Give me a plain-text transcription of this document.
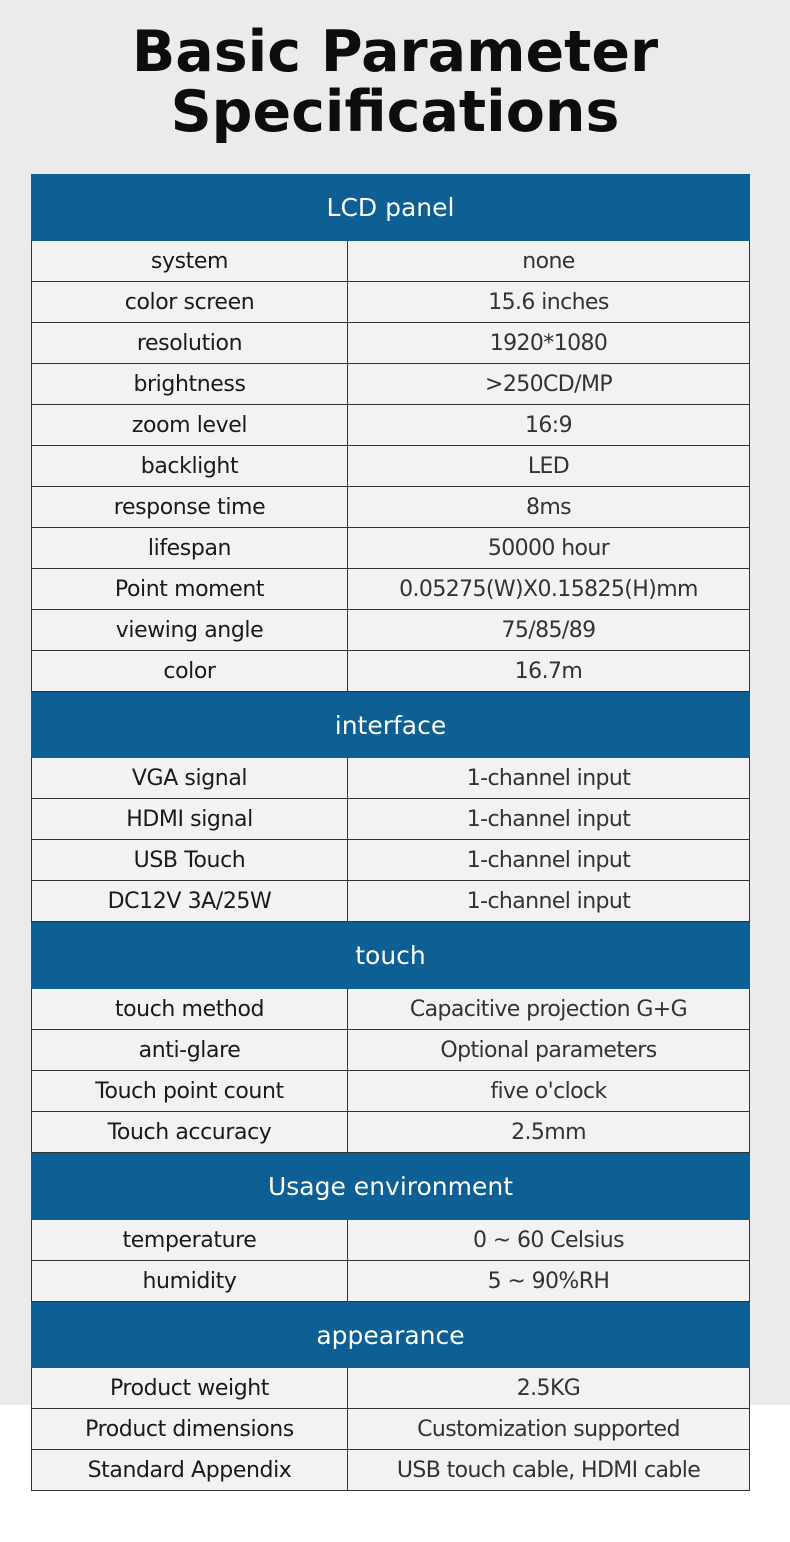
Basic Parameter
Specifications
LCD panel
system	none
color screen	15.6 inches
resolution	1920*1080
brightness	>250CD/MP
zoom level	16:9
backlight	LED
response time	8ms
lifespan	50000 hour
Point moment	0.05275(W)X0.15825(H)mm
viewing angle	75/85/89
color	16.7m
interface
VGA signal	1-channel input
HDMI signal	1-channel input
USB Touch	1-channel input
DC12V 3A/25W	1-channel input
touch
touch method	Capacitive projection G+G
anti-glare	Optional parameters
Touch point count	five o'clock
Touch accuracy	2.5mm
Usage environment
temperature	0 ~ 60 Celsius
humidity	5 ~ 90%RH
appearance
Product weight	2.5KG
Product dimensions	Customization supported
Standard Appendix	USB touch cable, HDMI cable
